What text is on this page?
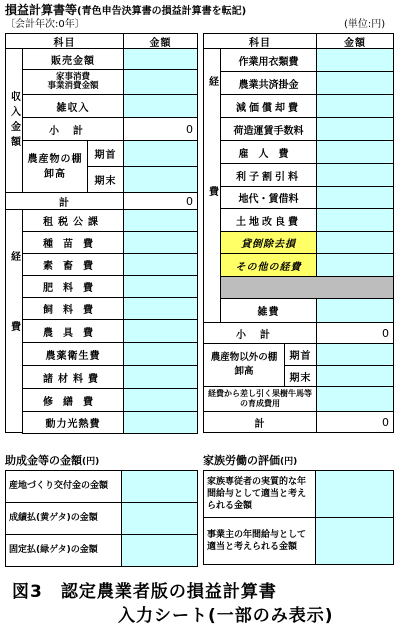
損益計算書等(青色申告決算書の損益計算書を転記)
〔会計年次:0年〕	(単位:円)
科目	金額
収入金額
販売金額
家事消費
事業消費金額
雑収入
小計	0
農産物の棚卸高
期首
期末
計	0
経費
租税公課
種苗費
素畜費
肥料費
飼料費
農具費
農薬衛生費
諸材料費
修繕費
動力光熱費
科目	金額
経費
作業用衣類費
農業共済掛金
減価償却費
荷造運賃手数料
雇人費
利子割引料
地代・賃借料
土地改良費
貸倒除去損
その他の経費
雑費
小計	0
農産物以外の棚卸高
期首
期末
経費から差し引く果樹牛馬等の育成費用
計	0
助成金等の金額(円)
産地づくり交付金の金額
成績払(黄ゲタ)の金額
固定払(緑ゲタ)の金額
家族労働の評価(円)
家族専従者の実質的な年間給与として適当と考えられる金額
事業主の年間給与として適当と考えられる金額
図3　認定農業者版の損益計算書
入力シート(一部のみ表示)
